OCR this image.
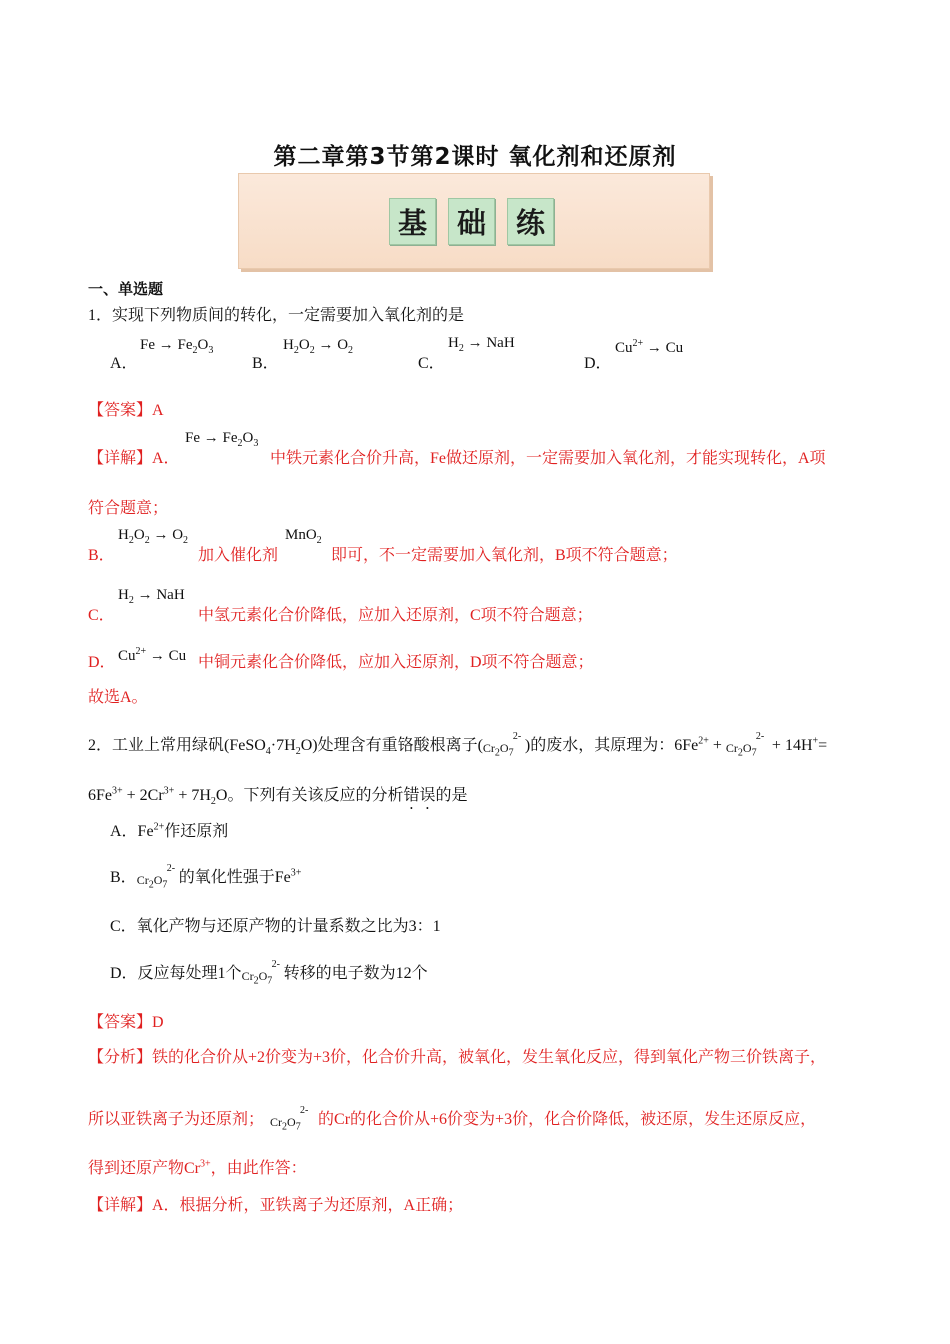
第二章第3节第2课时 氧化剂和还原剂
基	础	练
一、单选题
1．实现下列物质间的转化，一定需要加入氧化剂的是
A．
$Fe \to Fe_2O_3$
B．
$H_2O_2 \to O_2$
C．
$H_2$ → NaH
D．
$Cu^{2+} \to Cu$
【答案】A
【详解】A．
$Fe \to Fe_2O_3$
中铁元素化合价升高，Fe做还原剂，一定需要加入氧化剂，才能实现转化，A项
符合题意；
B．
$H_2O_2 \to O_2$
加入催化剂
MnO$_2$
即可，不一定需要加入氧化剂，B项不符合题意；
C．
$H_2$ → NaH
中氢元素化合价降低，应加入还原剂，C项不符合题意；
D． $Cu^{2+} \to Cu$ 中铜元素化合价降低，应加入还原剂，D项不符合题意；
故选A。
2．工业上常用绿矾$(FeSO_4\cdot 7H_2O)$处理含有重铬酸根离子( $Cr_2O_7$
2-
)的废水，其原理为：$6Fe^{2+} + Cr_2O_7$
2-
+ 14H+=
$6Fe^{3+} + 2Cr^{3+} + 7H_2O$。下列有关该反应的分析错误的是
A．$Fe^{2+}$作还原剂
B． $Cr_2O_7$
2-
的氧化性强于$Fe^{3+}$
C．氧化产物与还原产物的计量系数之比为3：1
D．反应每处理1个 $Cr_2O_7$
2-
转移的电子数为12个
【答案】D
【分析】铁的化合价从+2价变为+3价，化合价升高，被氧化，发生氧化反应，得到氧化产物三价铁离子，
所以亚铁离子为还原剂； $Cr_2O_7$
2-
的Cr的化合价从+6价变为+3价，化合价降低，被还原，发生还原反应，
得到还原产物$Cr^{3+}$，由此作答：
【详解】A．根据分析，亚铁离子为还原剂，A正确；
